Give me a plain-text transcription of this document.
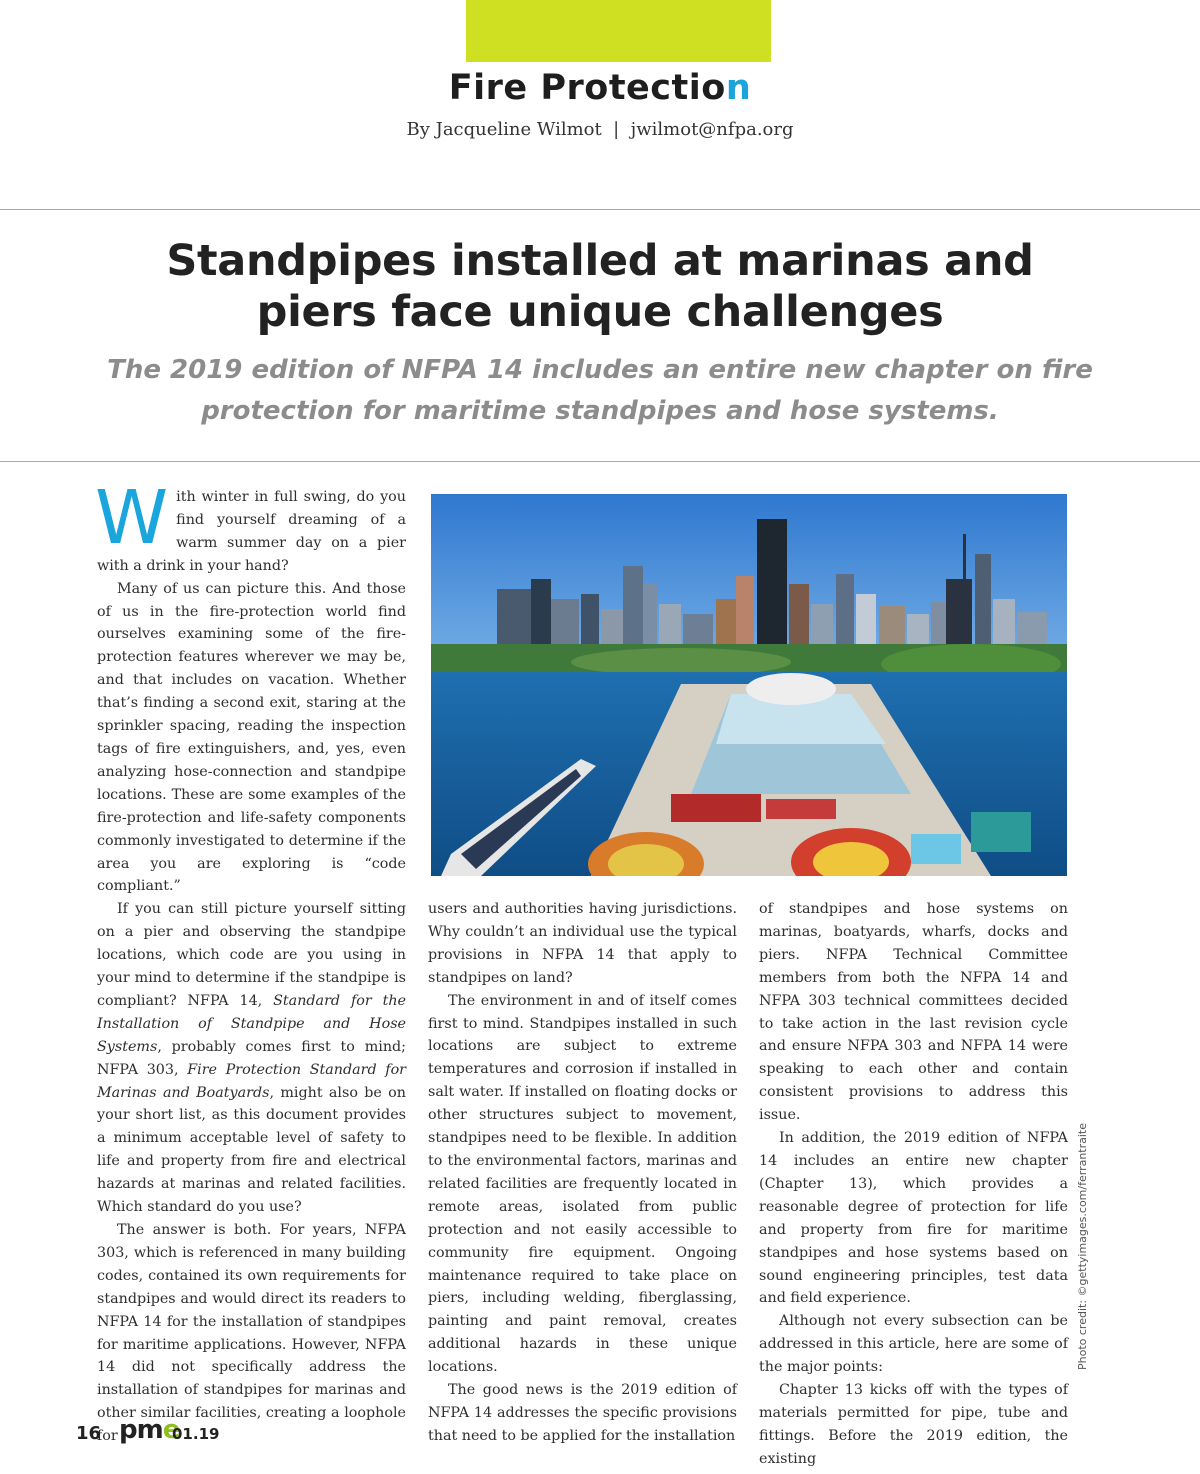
Fire Protection
By Jacqueline Wilmot  |  jwilmot@nfpa.org
Standpipes installed at marinas and
piers face unique challenges
The 2019 edition of NFPA 14 includes an entire new chapter on fire protection for maritime standpipes and hose systems.

With winter in full swing, do you find yourself dreaming of a warm summer day on a pier with a drink in your hand?

Many of us can picture this. And those of us in the fire-protection world find ourselves examining some of the fire-protection features wherever we may be, and that includes on vacation. Whether that’s finding a second exit, staring at the sprinkler spacing, reading the inspection tags of fire extinguishers, and, yes, even analyzing hose-connection and standpipe locations. These are some examples of the fire-protection and life-safety components commonly investigated to determine if the area you are exploring is “code compliant.”

If you can still picture yourself sitting on a pier and observing the standpipe locations, which code are you using in your mind to determine if the standpipe is compliant? NFPA 14, Standard for the Installation of Standpipe and Hose Systems, probably comes first to mind; NFPA 303, Fire Protection Standard for Marinas and Boatyards, might also be on your short list, as this document provides a minimum acceptable level of safety to life and property from fire and electrical hazards at marinas and related facilities. Which standard do you use?

The answer is both. For years, NFPA 303, which is referenced in many building codes, contained its own requirements for standpipes and would direct its readers to NFPA 14 for the installation of standpipes for maritime applications. However, NFPA 14 did not specifically address the installation of standpipes for marinas and other similar facilities, creating a loophole for

users and authorities having jurisdictions. Why couldn’t an individual use the typical provisions in NFPA 14 that apply to standpipes on land?

The environment in and of itself comes first to mind. Standpipes installed in such locations are subject to extreme temperatures and corrosion if installed in salt water. If installed on floating docks or other structures subject to movement, standpipes need to be flexible. In addition to the environmental factors, marinas and related facilities are frequently located in remote areas, isolated from public protection and not easily accessible to community fire equipment. Ongoing maintenance required to take place on piers, including welding, fiberglassing, painting and paint removal, creates additional hazards in these unique locations.

The good news is the 2019 edition of NFPA 14 addresses the specific provisions that need to be applied for the installation

of standpipes and hose systems on marinas, boatyards, wharfs, docks and piers. NFPA Technical Committee members from both the NFPA 14 and NFPA 303 technical committees decided to take action in the last revision cycle and ensure NFPA 303 and NFPA 14 were speaking to each other and contain consistent provisions to address this issue.

In addition, the 2019 edition of NFPA 14 includes an entire new chapter (Chapter 13), which provides a reasonable degree of protection for life and property from fire for maritime standpipes and hose systems based on sound engineering principles, test data and field experience.

Although not every subsection can be addressed in this article, here are some of the major points:

Chapter 13 kicks off with the types of materials permitted for pipe, tube and fittings. Before the 2019 edition, the existing

Photo credit: ©gettyimages.com/ferrantraite
16 pme
01.19
